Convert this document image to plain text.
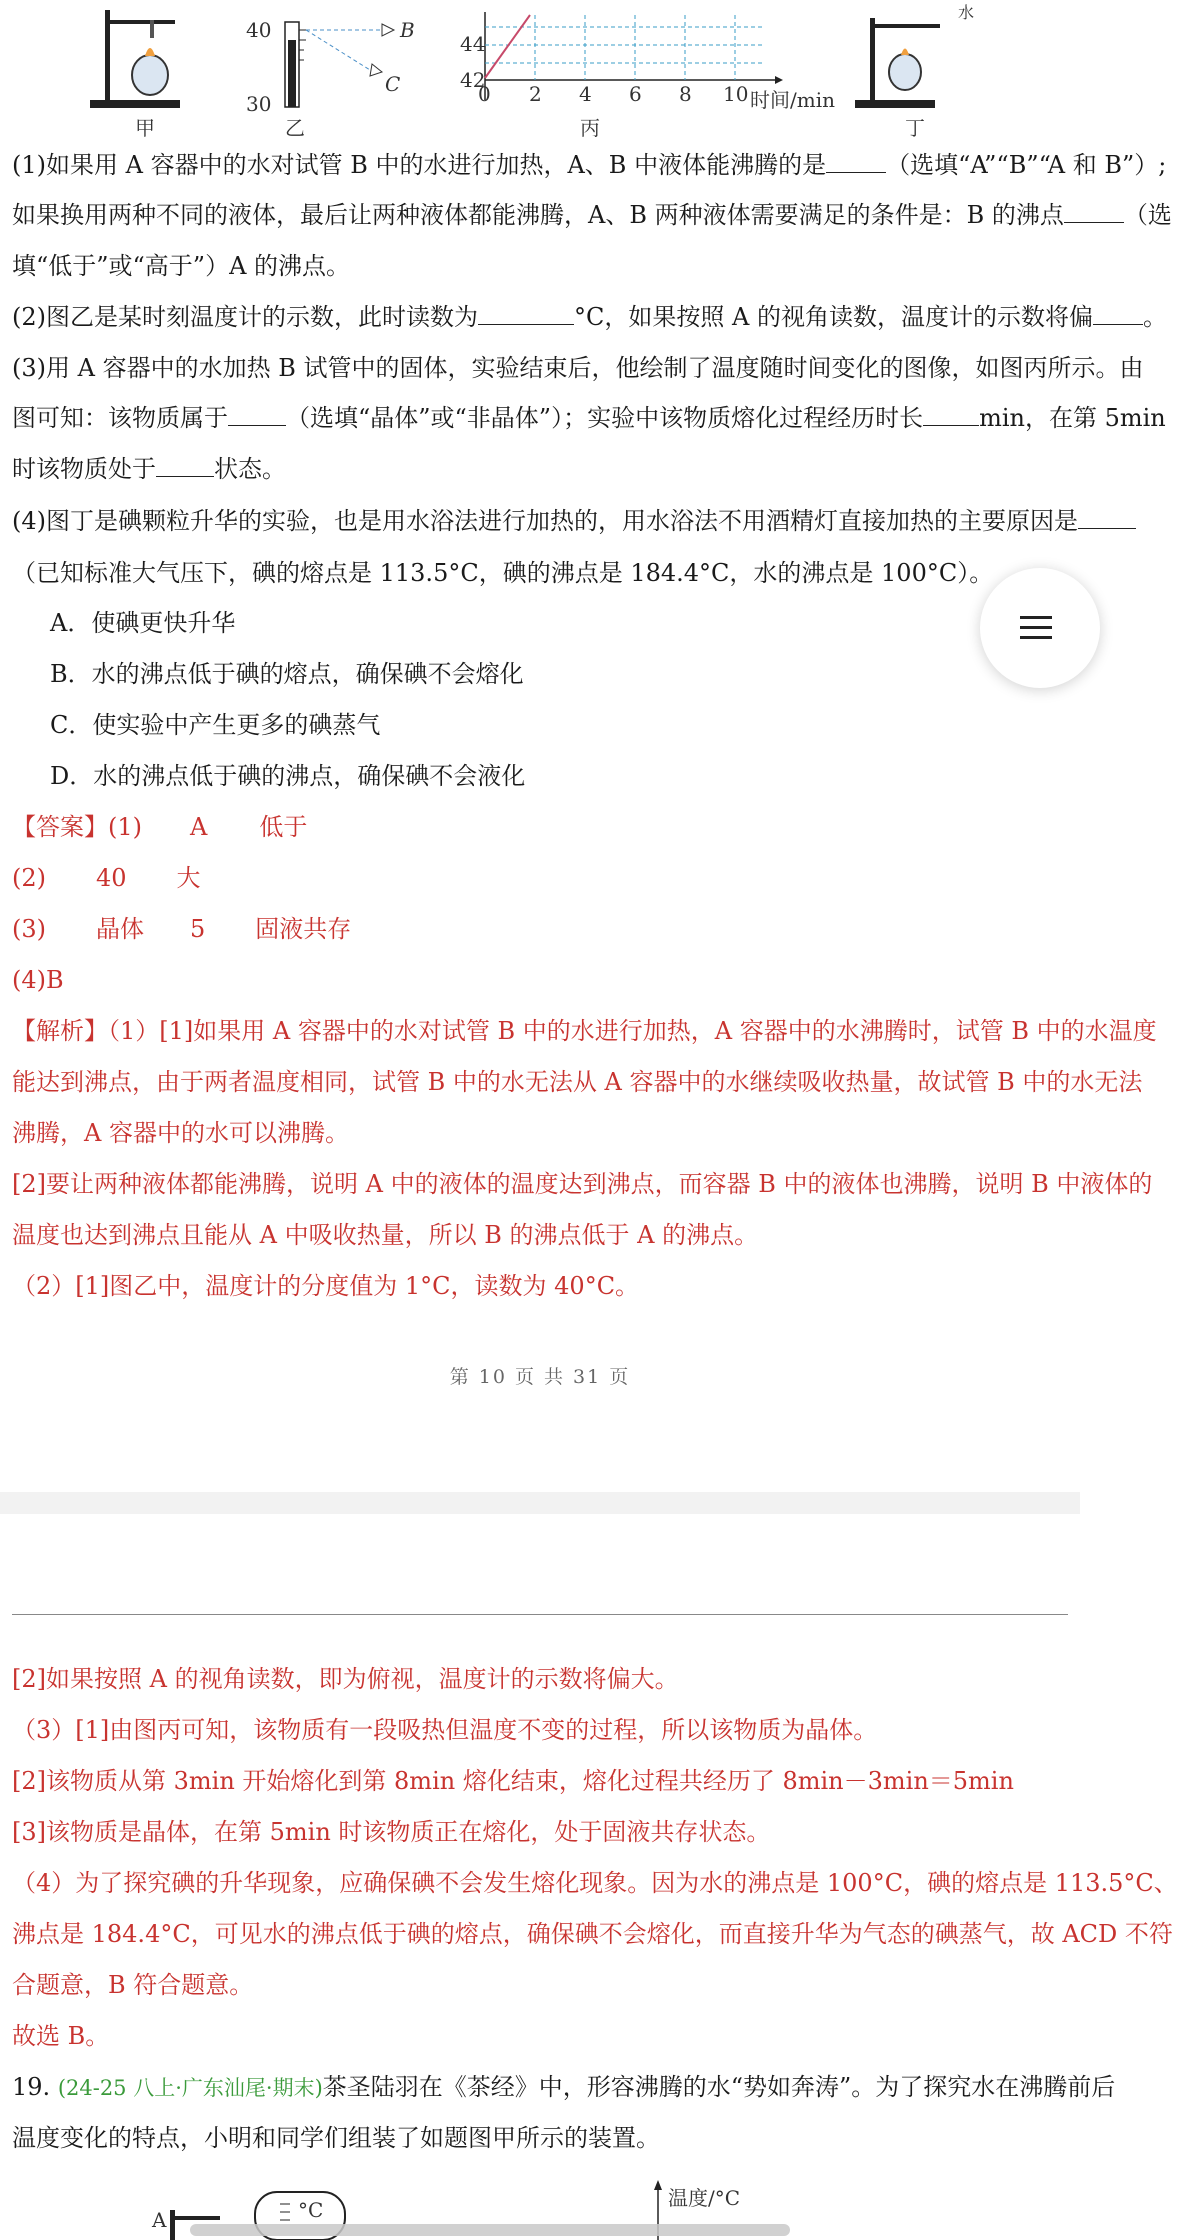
甲	乙	丙	丁
40
30
B
C
44
42
0 2 4 6 8 10 时间/min
水
(1)如果用 A 容器中的水对试管 B 中的水进行加热，A、B 中液体能沸腾的是	（选填“A”“B”“A 和 B”）;
如果换用两种不同的液体，最后让两种液体都能沸腾，A、B 两种液体需要满足的条件是：B 的沸点	（选
填“低于”或“高于”）A 的沸点。
(2)图乙是某时刻温度计的示数，此时读数为	°C，如果按照 A 的视角读数，温度计的示数将偏 。
(3)用 A 容器中的水加热 B 试管中的固体，实验结束后，他绘制了温度随时间变化的图像，如图丙所示。由
图可知：该物质属于 （选填“晶体”或“非晶体”）；实验中该物质熔化过程经历时长 min，在第 5min
时该物质处于 状态。
(4)图丁是碘颗粒升华的实验，也是用水浴法进行加热的，用水浴法不用酒精灯直接加热的主要原因是
（已知标准大气压下，碘的熔点是 113.5°C，碘的沸点是 184.4°C，水的沸点是 100°C）。
A．使碘更快升华
B．水的沸点低于碘的熔点，确保碘不会熔化
C．使实验中产生更多的碘蒸气
D．水的沸点低于碘的沸点，确保碘不会液化
【答案】(1) A 低于
(2) 40 大
(3) 晶体 5 固液共存
(4)B
【解析】（1）[1]如果用 A 容器中的水对试管 B 中的水进行加热，A 容器中的水沸腾时，试管 B 中的水温度
能达到沸点，由于两者温度相同，试管 B 中的水无法从 A 容器中的水继续吸收热量，故试管 B 中的水无法
沸腾，A 容器中的水可以沸腾。
[2]要让两种液体都能沸腾，说明 A 中的液体的温度达到沸点，而容器 B 中的液体也沸腾，说明 B 中液体的
温度也达到沸点且能从 A 中吸收热量，所以 B 的沸点低于 A 的沸点。
（2）[1]图乙中，温度计的分度值为 1°C，读数为 40°C。
第 10 页 共 31 页
[2]如果按照 A 的视角读数，即为俯视，温度计的示数将偏大。
（3）[1]由图丙可知，该物质有一段吸热但温度不变的过程，所以该物质为晶体。
[2]该物质从第 3min 开始熔化到第 8min 熔化结束，熔化过程共经历了 8min－3min＝5min
[3]该物质是晶体，在第 5min 时该物质正在熔化，处于固液共存状态。
（4）为了探究碘的升华现象，应确保碘不会发生熔化现象。因为水的沸点是 100°C，碘的熔点是 113.5°C、
沸点是 184.4°C，可见水的沸点低于碘的熔点，确保碘不会熔化，而直接升华为气态的碘蒸气，故 ACD 不符
合题意，B 符合题意。
故选 B。
19. (24-25 八上·广东汕尾·期末)茶圣陆羽在《茶经》中，形容沸腾的水“势如奔涛”。为了探究水在沸腾前后
温度变化的特点，小明和同学们组装了如题图甲所示的装置。
A	°C	温度/°C
